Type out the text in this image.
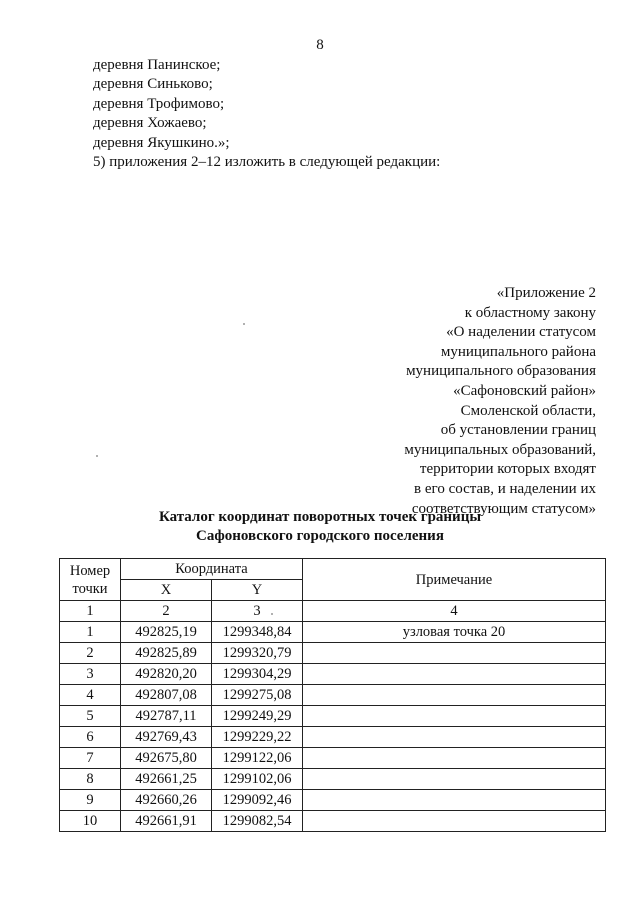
8
деревня Панинское;
деревня Синьково;
деревня Трофимово;
деревня Хожаево;
деревня Якушкино.»;
5) приложения 2–12 изложить в следующей редакции:
«Приложение 2
к областному закону
«О наделении статусом
муниципального района
муниципального образования
«Сафоновский район»
Смоленской области,
об установлении границ
муниципальных образований,
территории которых входят
в его состав, и наделении их
соответствующим статусом»
Каталог координат поворотных точек границы
Сафоновского городского поселения
Номер точки	Координата		Примечание
	X	Y	
1	2	3	4
1	492825,19	1299348,84	узловая точка 20
2	492825,89	1299320,79	
3	492820,20	1299304,29	
4	492807,08	1299275,08	
5	492787,11	1299249,29	
6	492769,43	1299229,22	
7	492675,80	1299122,06	
8	492661,25	1299102,06	
9	492660,26	1299092,46	
10	492661,91	1299082,54	
